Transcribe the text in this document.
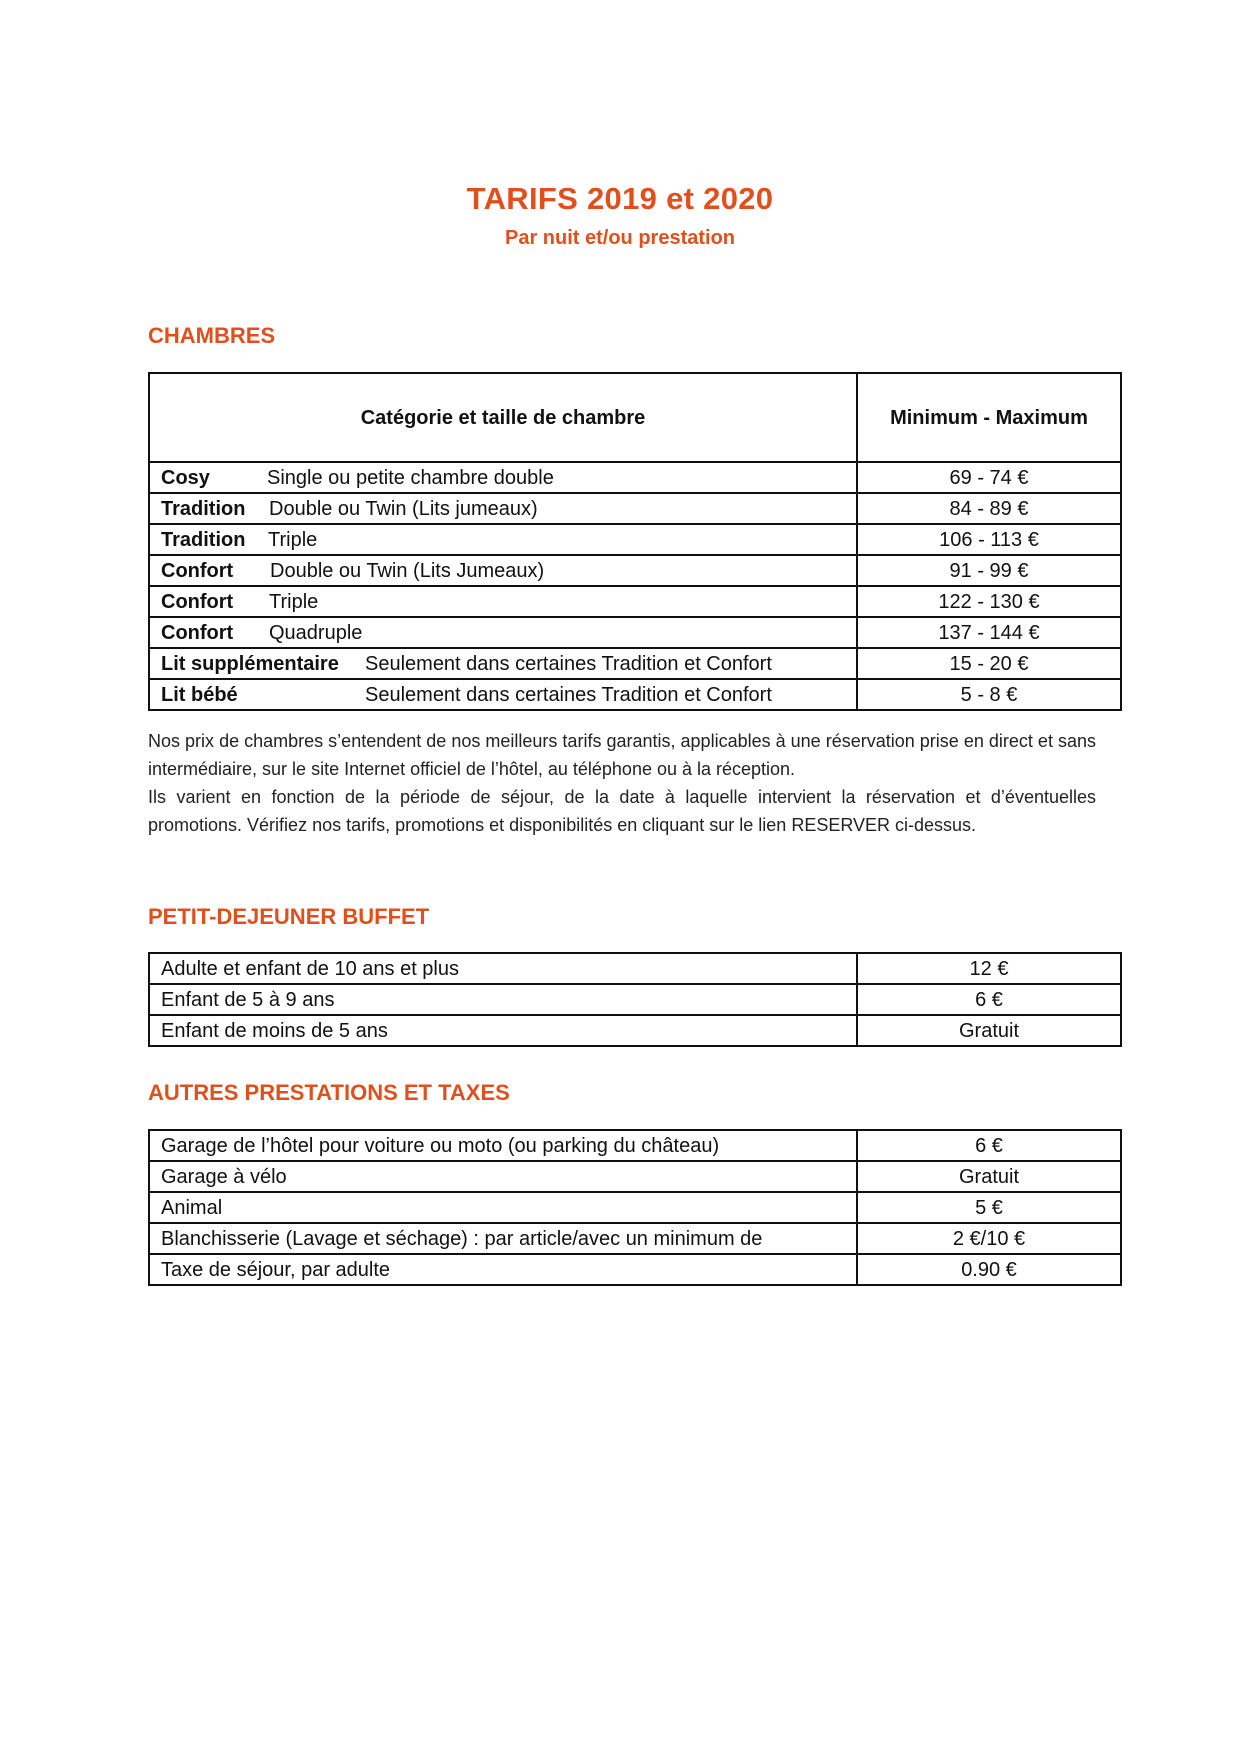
TARIFS 2019 et 2020
Par nuit et/ou prestation
CHAMBRES
Catégorie et taille de chambre	Minimum - Maximum
Cosy Single ou petite chambre double	69 - 74 €
Tradition Double ou Twin (Lits jumeaux)	84 - 89 €
Tradition Triple	106 - 113 €
Confort Double ou Twin (Lits Jumeaux)	91 - 99 €
Confort Triple	122 - 130 €
Confort Quadruple	137 - 144 €
Lit supplémentaire Seulement dans certaines Tradition et Confort	15 - 20 €
Lit bébé Seulement dans certaines Tradition et Confort	5 - 8 €

Nos prix de chambres s’entendent de nos meilleurs tarifs garantis, applicables à une réservation prise en direct et sans intermédiaire, sur le site Internet officiel de l’hôtel, au téléphone ou à la réception.

Ils varient en fonction de la période de séjour, de la date à laquelle intervient la réservation et d’éventuelles promotions. Vérifiez nos tarifs, promotions et disponibilités en cliquant sur le lien RESERVER ci-dessus.

PETIT-DEJEUNER BUFFET
Adulte et enfant de 10 ans et plus	12 €
Enfant de 5 à 9 ans	6 €
Enfant de moins de 5 ans	Gratuit
AUTRES PRESTATIONS ET TAXES
Garage de l’hôtel pour voiture ou moto (ou parking du château)	6 €
Garage à vélo	Gratuit
Animal	5 €
Blanchisserie (Lavage et séchage) : par article/avec un minimum de	2 €/10 €
Taxe de séjour, par adulte	0.90 €
